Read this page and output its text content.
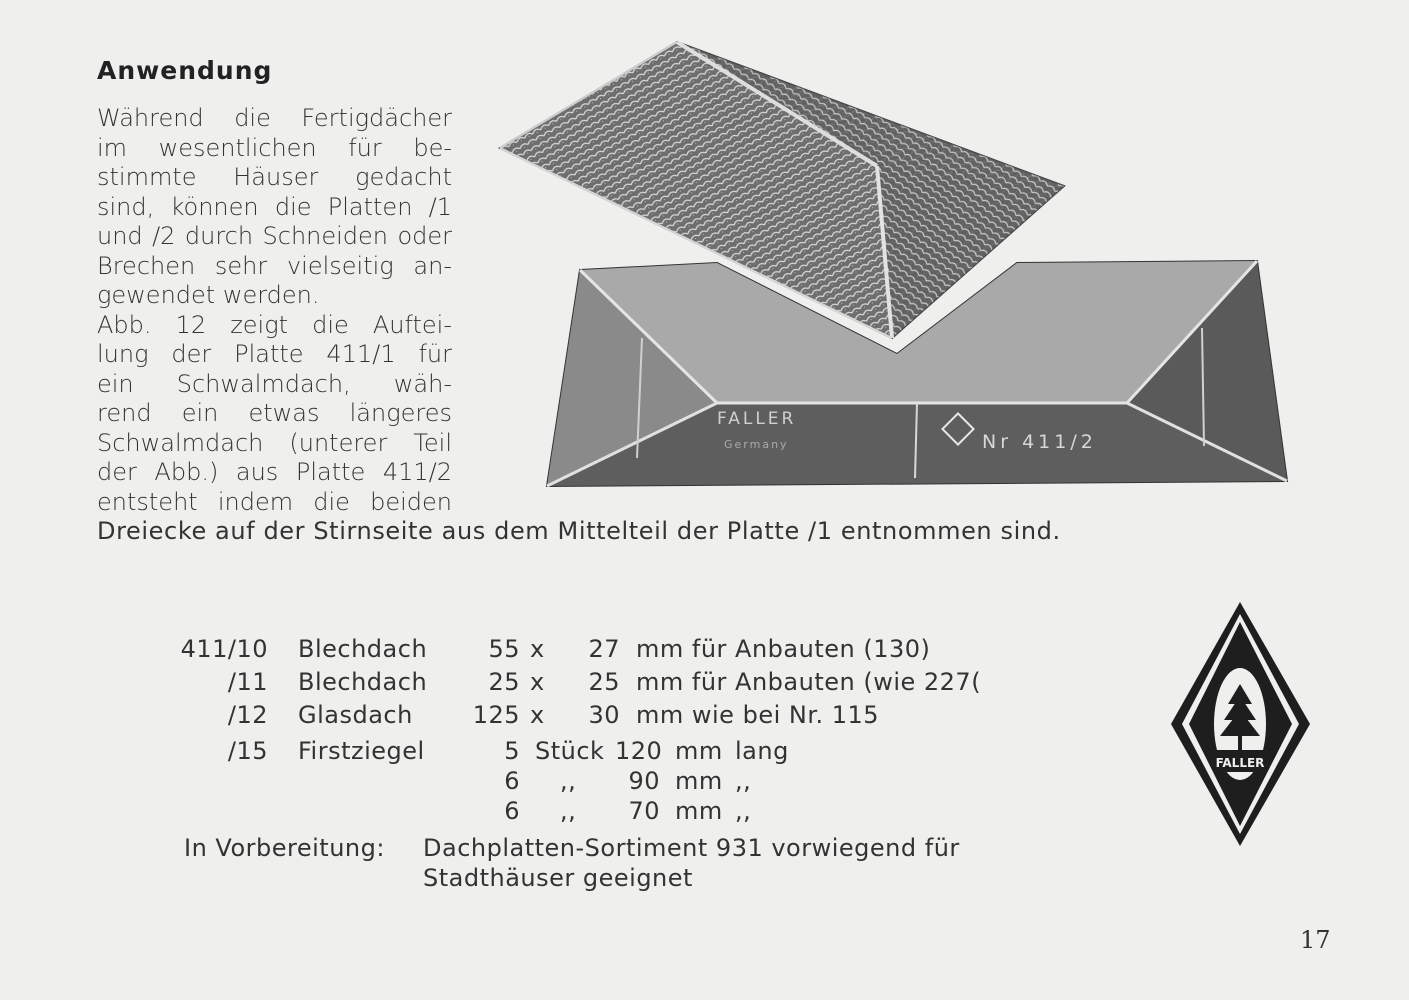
Anwendung
Während die Fertigdächer
im wesentlichen für be-
stimmte Häuser gedacht
sind, können die Platten /1
und /2 durch Schneiden oder
Brechen sehr vielseitig an-
gewendet werden.
Abb. 12 zeigt die Auftei-
lung der Platte 411/1 für
ein Schwalmdach, wäh-
rend ein etwas längeres
Schwalmdach (unterer Teil
der Abb.) aus Platte 411/2
entsteht indem die beiden
Dreiecke auf der Stirnseite aus dem Mittelteil der Platte /1 entnommen sind.
FALLER
Germany	Nr 411/2
411/10 Blechdach	55 x	27 mm für Anbauten (130)
/11 Blechdach	25 x	25 mm für Anbauten (wie 227(
/12 Glasdach	125 x	30 mm wie bei Nr. 115
/15 Firstziegel	5 Stück 120 mm lang
6 ,,	90 mm ,,
6 ,,	70 mm ,,
In Vorbereitung: Dachplatten-Sortiment 931 vorwiegend für
Stadthäuser geeignet
FALLER
17
